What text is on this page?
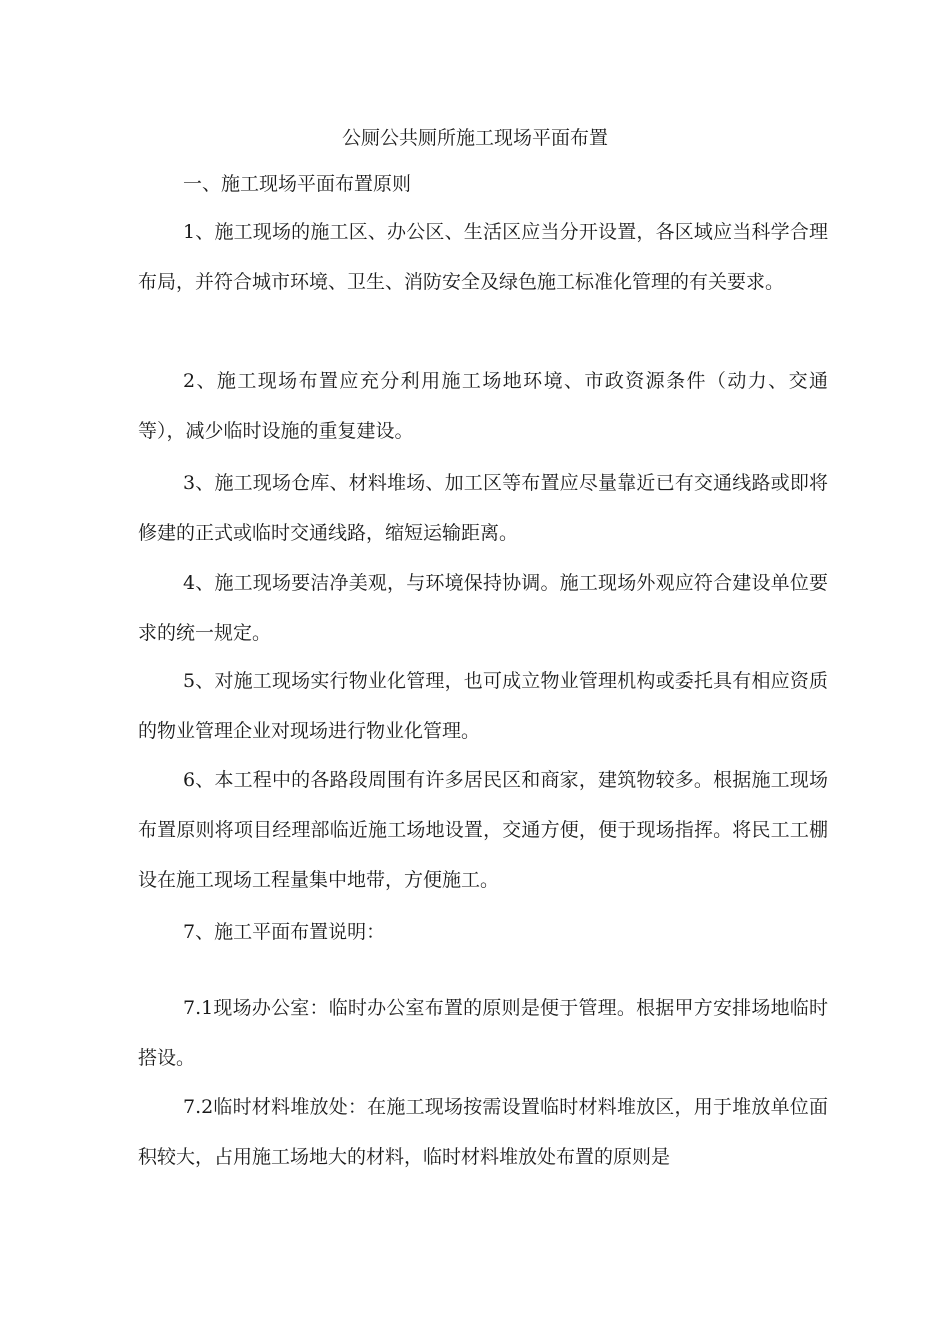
公厕公共厕所施工现场平面布置
一、施工现场平面布置原则

1、施工现场的施工区、办公区、生活区应当分开设置，各区域应当科学合理布局，并符合城市环境、卫生、消防安全及绿色施工标准化管理的有关要求。

2、施工现场布置应充分利用施工场地环境、市政资源条件（动力、交通等），减少临时设施的重复建设。

3、施工现场仓库、材料堆场、加工区等布置应尽量靠近已有交通线路或即将修建的正式或临时交通线路，缩短运输距离。

4、施工现场要洁净美观，与环境保持协调。施工现场外观应符合建设单位要求的统一规定。

5、对施工现场实行物业化管理，也可成立物业管理机构或委托具有相应资质的物业管理企业对现场进行物业化管理。

6、本工程中的各路段周围有许多居民区和商家，建筑物较多。根据施工现场布置原则将项目经理部临近施工场地设置，交通方便，便于现场指挥。将民工工棚设在施工现场工程量集中地带，方便施工。

7、施工平面布置说明：

7.1现场办公室：临时办公室布置的原则是便于管理。根据甲方安排场地临时搭设。

7.2临时材料堆放处：在施工现场按需设置临时材料堆放区，用于堆放单位面积较大，占用施工场地大的材料，临时材料堆放处布置的原则是
